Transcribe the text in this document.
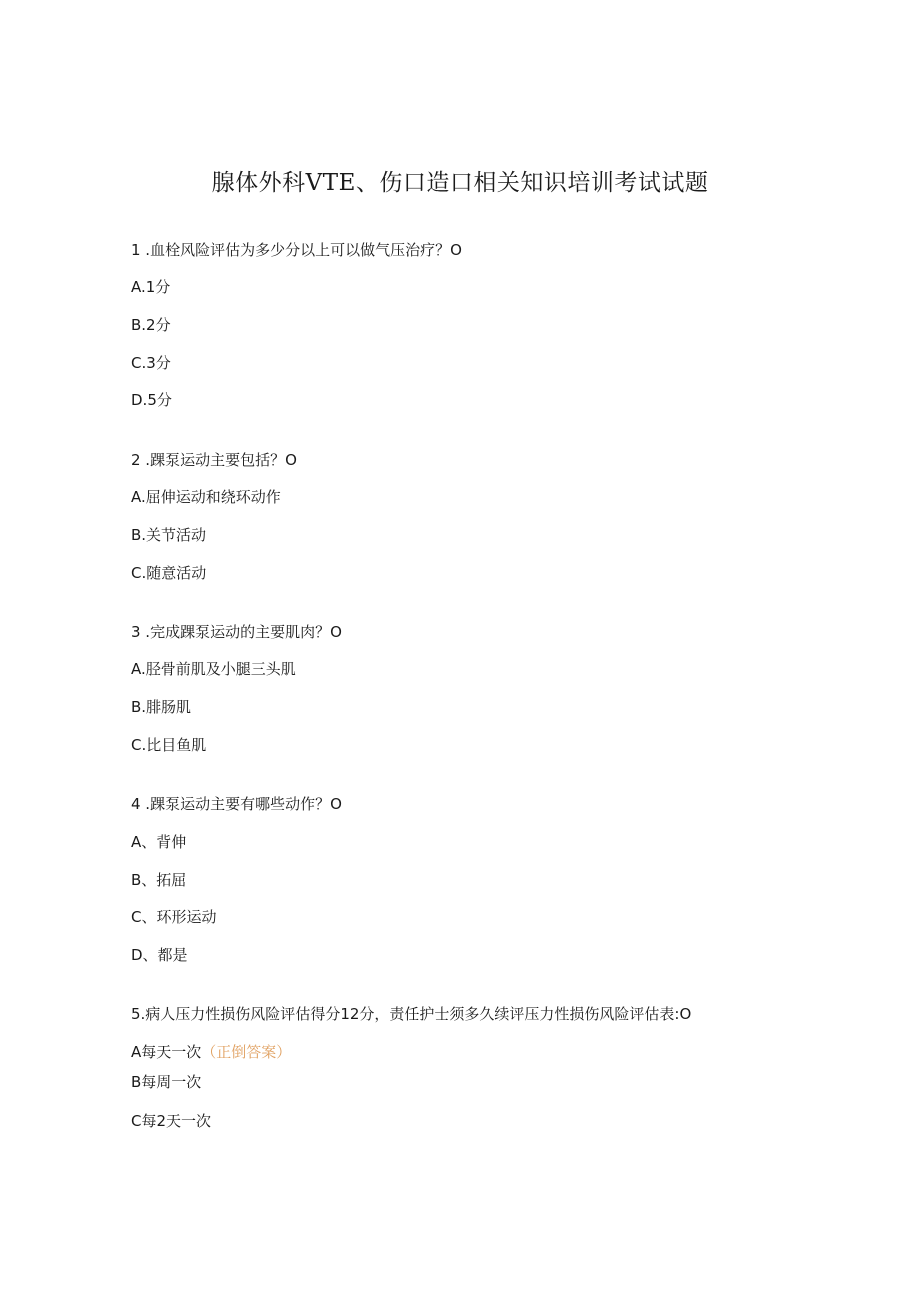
腺体外科VTE、伤口造口相关知识培训考试试题
1 .血栓风险评估为多少分以上可以做气压治疗？O
A.1分
B.2分
C.3分
D.5分
2 .踝泵运动主要包括？O
A.屈伸运动和绕环动作
B.关节活动
C.随意活动
3 .完成踝泵运动的主要肌肉？O
A.胫骨前肌及小腿三头肌
B.腓肠肌
C.比目鱼肌
4 .踝泵运动主要有哪些动作？O
A、背伸
B、拓屈
C、环形运动
D、都是
5.病人压力性损伤风险评估得分12分，责任护士须多久续评压力性损伤风险评估表:O
A每天一次（正倒答案）
B每周一次
C每2天一次
